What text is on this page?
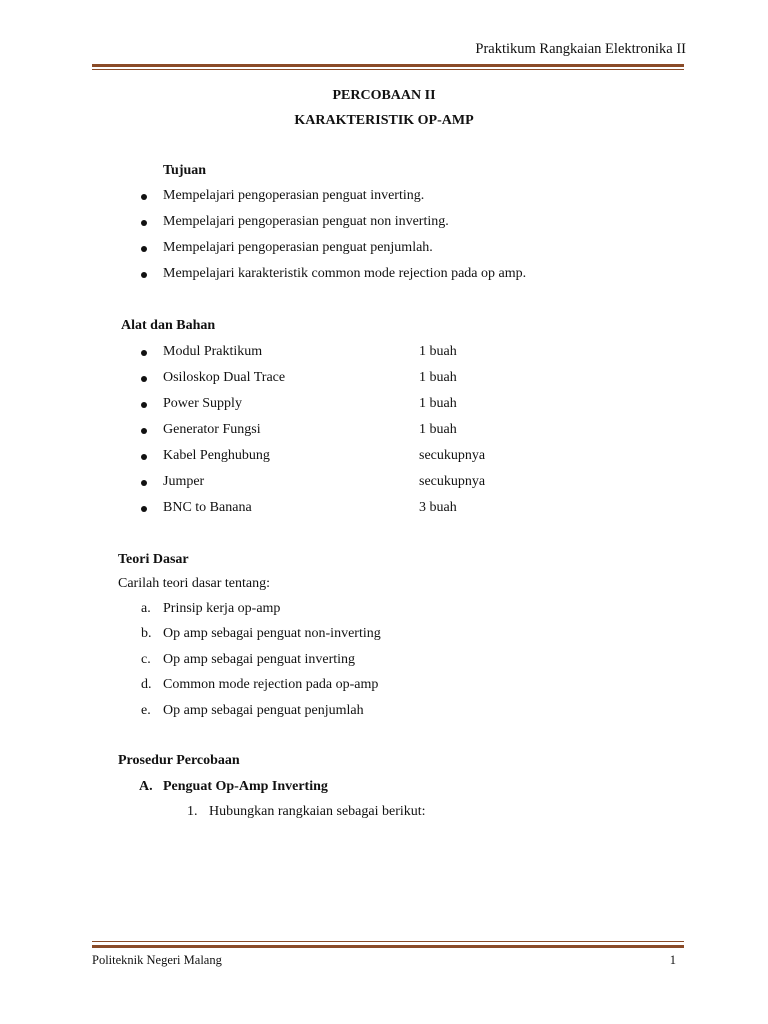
Praktikum Rangkaian Elektronika II
PERCOBAAN II
KARAKTERISTIK OP-AMP
Tujuan
Mempelajari pengoperasian penguat inverting.
Mempelajari pengoperasian penguat non inverting.
Mempelajari pengoperasian penguat penjumlah.
Mempelajari karakteristik common mode rejection pada op amp.
Alat dan Bahan
Modul Praktikum	1 buah
Osiloskop Dual Trace	1 buah
Power Supply	1 buah
Generator Fungsi	1 buah
Kabel Penghubung	secukupnya
Jumper	secukupnya
BNC to Banana	3 buah
Teori Dasar
Carilah teori dasar tentang:
a. Prinsip kerja op-amp
b. Op amp sebagai penguat non-inverting
c. Op amp sebagai penguat inverting
d. Common mode rejection pada op-amp
e. Op amp sebagai penguat penjumlah
Prosedur Percobaan
A. Penguat Op-Amp Inverting
1. Hubungkan rangkaian sebagai berikut:
Politeknik Negeri Malang	1
